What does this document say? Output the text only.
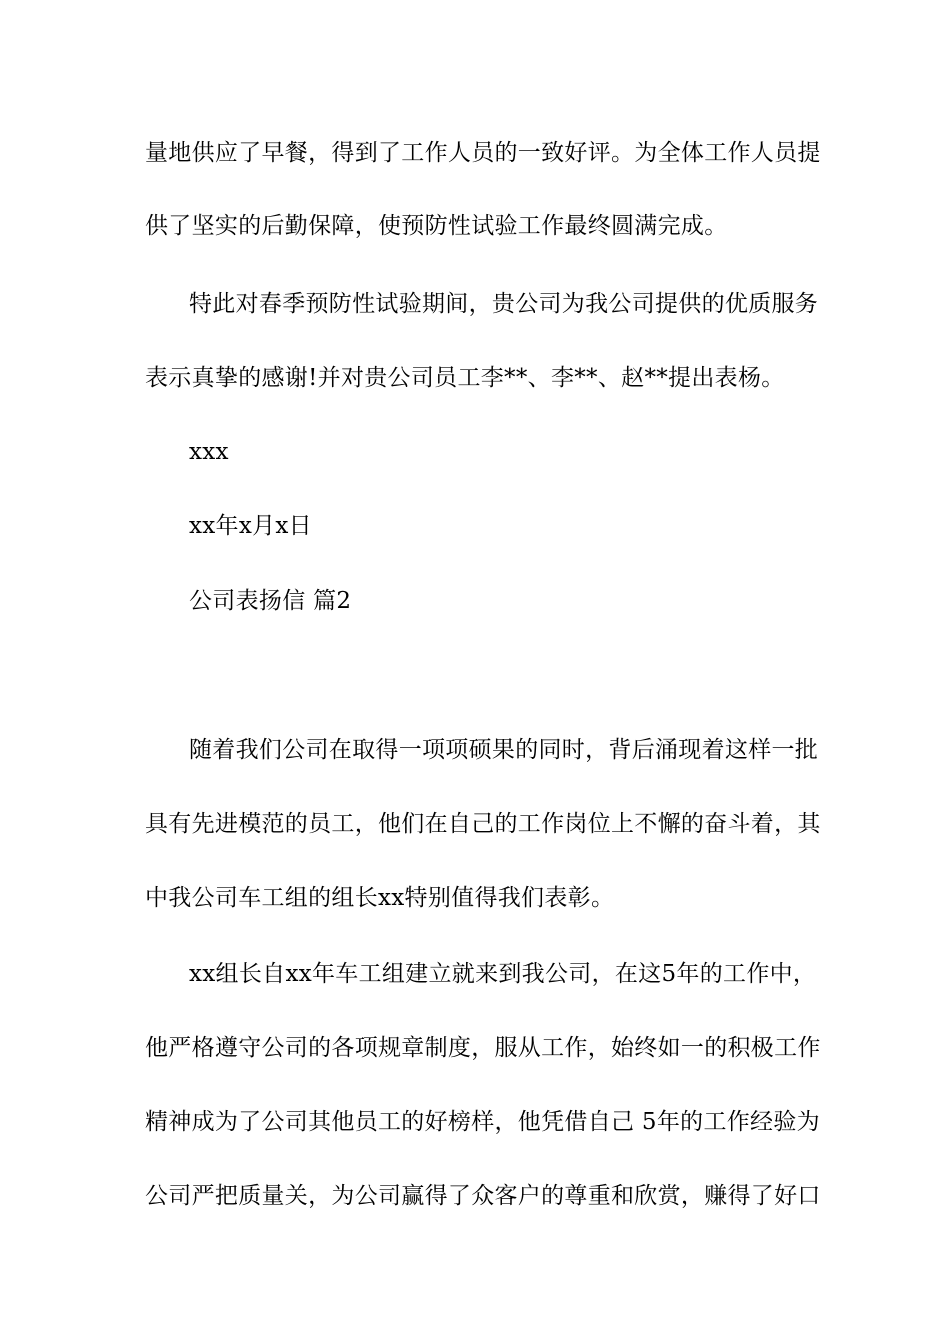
量地供应了早餐，得到了工作人员的一致好评。为全体工作人员提
供了坚实的后勤保障，使预防性试验工作最终圆满完成。
特此对春季预防性试验期间，贵公司为我公司提供的优质服务
表示真挚的感谢!并对贵公司员工李**、李**、赵**提出表杨。
xxx
xx年x月x日
公司表扬信 篇2
随着我们公司在取得一项项硕果的同时，背后涌现着这样一批
具有先进模范的员工，他们在自己的工作岗位上不懈的奋斗着，其
中我公司车工组的组长xx特别值得我们表彰。
xx组长自xx年车工组建立就来到我公司，在这5年的工作中，
他严格遵守公司的各项规章制度，服从工作，始终如一的积极工作
精神成为了公司其他员工的好榜样，他凭借自己 5年的工作经验为
公司严把质量关，为公司赢得了众客户的尊重和欣赏，赚得了好口
